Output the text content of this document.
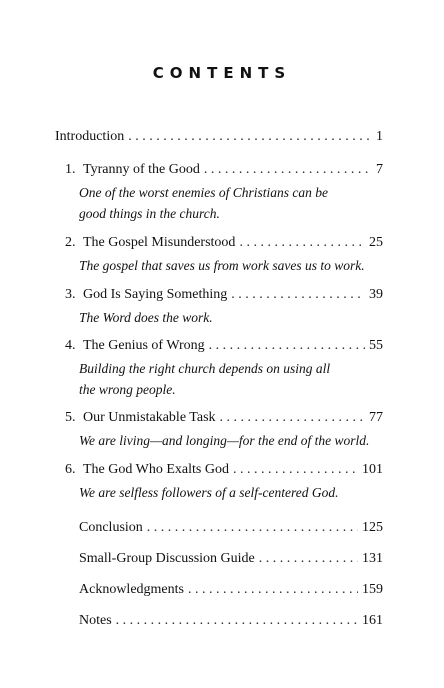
CONTENTS
Introduction . . .	1
1. Tyranny of the Good . . .	7
One of the worst enemies of Christians can be good things in the church.
2. The Gospel Misunderstood . . .	25
The gospel that saves us from work saves us to work.
3. God Is Saying Something . . .	39
The Word does the work.
4. The Genius of Wrong . . .	55
Building the right church depends on using all the wrong people.
5. Our Unmistakable Task . . .	77
We are living—and longing—for the end of the world.
6. The God Who Exalts God . . .	101
We are selfless followers of a self-centered God.
Conclusion . . .	125
Small-Group Discussion Guide . . .	131
Acknowledgments . . .	159
Notes . . .	161
